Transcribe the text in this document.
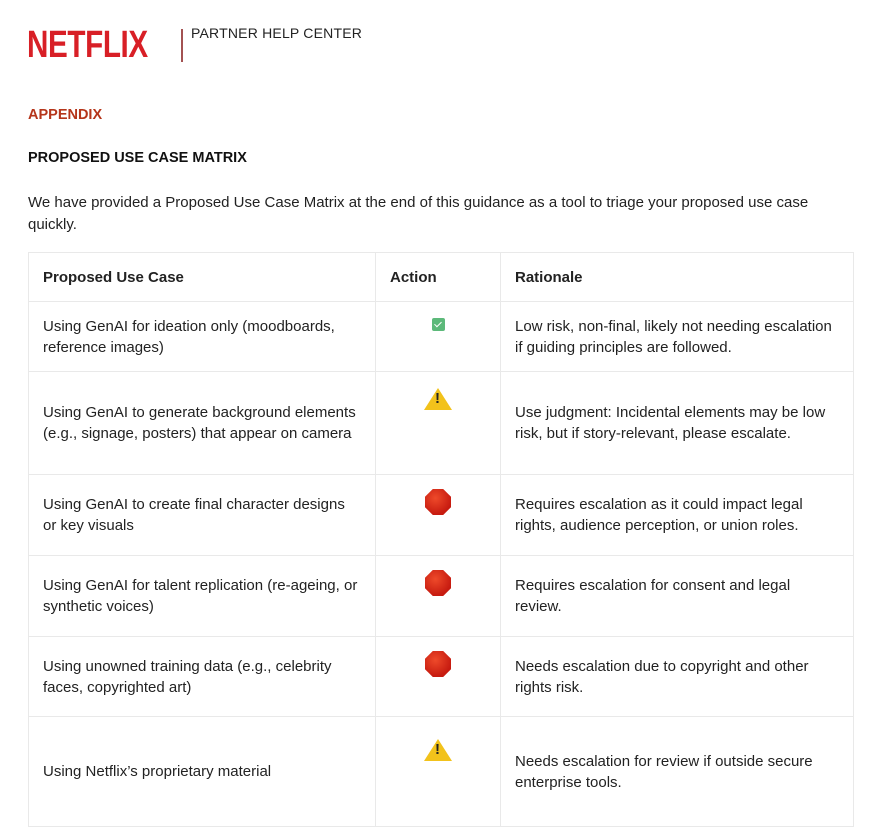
NETFLIX	PARTNER HELP CENTER
APPENDIX
PROPOSED USE CASE MATRIX
We have provided a Proposed Use Case Matrix at the end of this guidance as a tool to triage your proposed use case quickly.
Proposed Use Case	Action	Rationale
Using GenAI for ideation only (moodboards, reference images)		Low risk, non-final, likely not needing escalation if guiding principles are followed.
Using GenAI to generate background elements (e.g., signage, posters) that appear on camera	!	Use judgment: Incidental elements may be low risk, but if story-relevant, please escalate.
Using GenAI to create final character designs or key visuals		Requires escalation as it could impact legal rights, audience perception, or union roles.
Using GenAI for talent replication (re-ageing, or synthetic voices)		Requires escalation for consent and legal review.
Using unowned training data (e.g., celebrity faces, copyrighted art)		Needs escalation due to copyright and other rights risk.
Using Netflix’s proprietary material	!	Needs escalation for review if outside secure enterprise tools.
